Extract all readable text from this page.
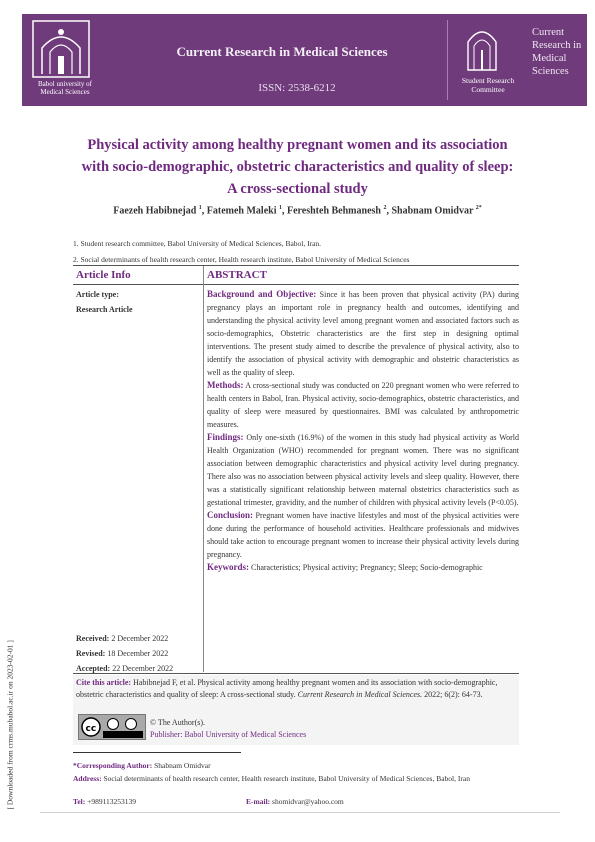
Babol university of
Medical Sciences
Current Research in Medical Sciences
ISSN: 2538-6212
Student Research
Committee
Current
Research in
Medical
Sciences
Physical activity among healthy pregnant women and its association
with socio-demographic, obstetric characteristics and quality of sleep:
A cross-sectional study
Faezeh Habibnejad $^1$, Fatemeh Maleki $^1$, Fereshteh Behmanesh $^2$, Shabnam Omidvar $^{2*}$
1. Student research committee, Babol University of Medical Sciences, Babol, Iran.
2. Social determinants of health research center, Health research institute, Babol University of Medical Sciences
Article Info
Article type:
Research Article
Received: 2 December 2022
Revised: 18 December 2022
Accepted: 22 December 2022
ABSTRACT

Background and Objective: Since it has been proven that physical activity (PA) during pregnancy plays an important role in pregnancy health and outcomes, identifying and understanding the physical activity level among pregnant women and associated factors such as socio-demographics, Obstetric characteristics are the first step in designing optimal interventions. The present study aimed to describe the prevalence of physical activity, also to identify the association of physical activity with demographic and obstetric characteristics as well as the quality of sleep.

Methods: A cross-sectional study was conducted on 220 pregnant women who were referred to health centers in Babol, Iran. Physical activity, socio-demographics, obstetric characteristics, and quality of sleep were measured by questionnaires. BMI was calculated by anthropometric measures.

Findings: Only one-sixth (16.9%) of the women in this study had physical activity as World Health Organization (WHO) recommended for pregnant women. There was no significant association between demographic characteristics and physical activity level during pregnancy. There also was no association between physical activity levels and sleep quality. However, there was a statistically significant relationship between maternal obstetrics characteristics such as gestational trimester, gravidity, and the number of children with physical activity levels (P<0.05).

Conclusion: Pregnant women have inactive lifestyles and most of the physical activities were done during the performance of household activities. Healthcare professionals and midwives should take action to encourage pregnant women to increase their physical activity levels during pregnancy.

Keywords: Characteristics; Physical activity; Pregnancy; Sleep; Socio-demographic

Cite this article: Habibnejad F, et al. Physical activity among healthy pregnant women and its association with socio-demographic, obstetric characteristics and quality of sleep: A cross-sectional study. Current Research in Medical Sciences. 2022; 6(2): 64-73.
cc
© The Author(s).
Publisher: Babol University of Medical Sciences
*Corresponding Author: Shabnam Omidvar
Address: Social determinants of health research center, Health research institute, Babol University of Medical Sciences, Babol, Iran
Tel: +989113253139	E-mail: shomidvar@yahoo.com
[ Downloaded from crms.mubabol.ac.ir on 2023-02-01 ]
